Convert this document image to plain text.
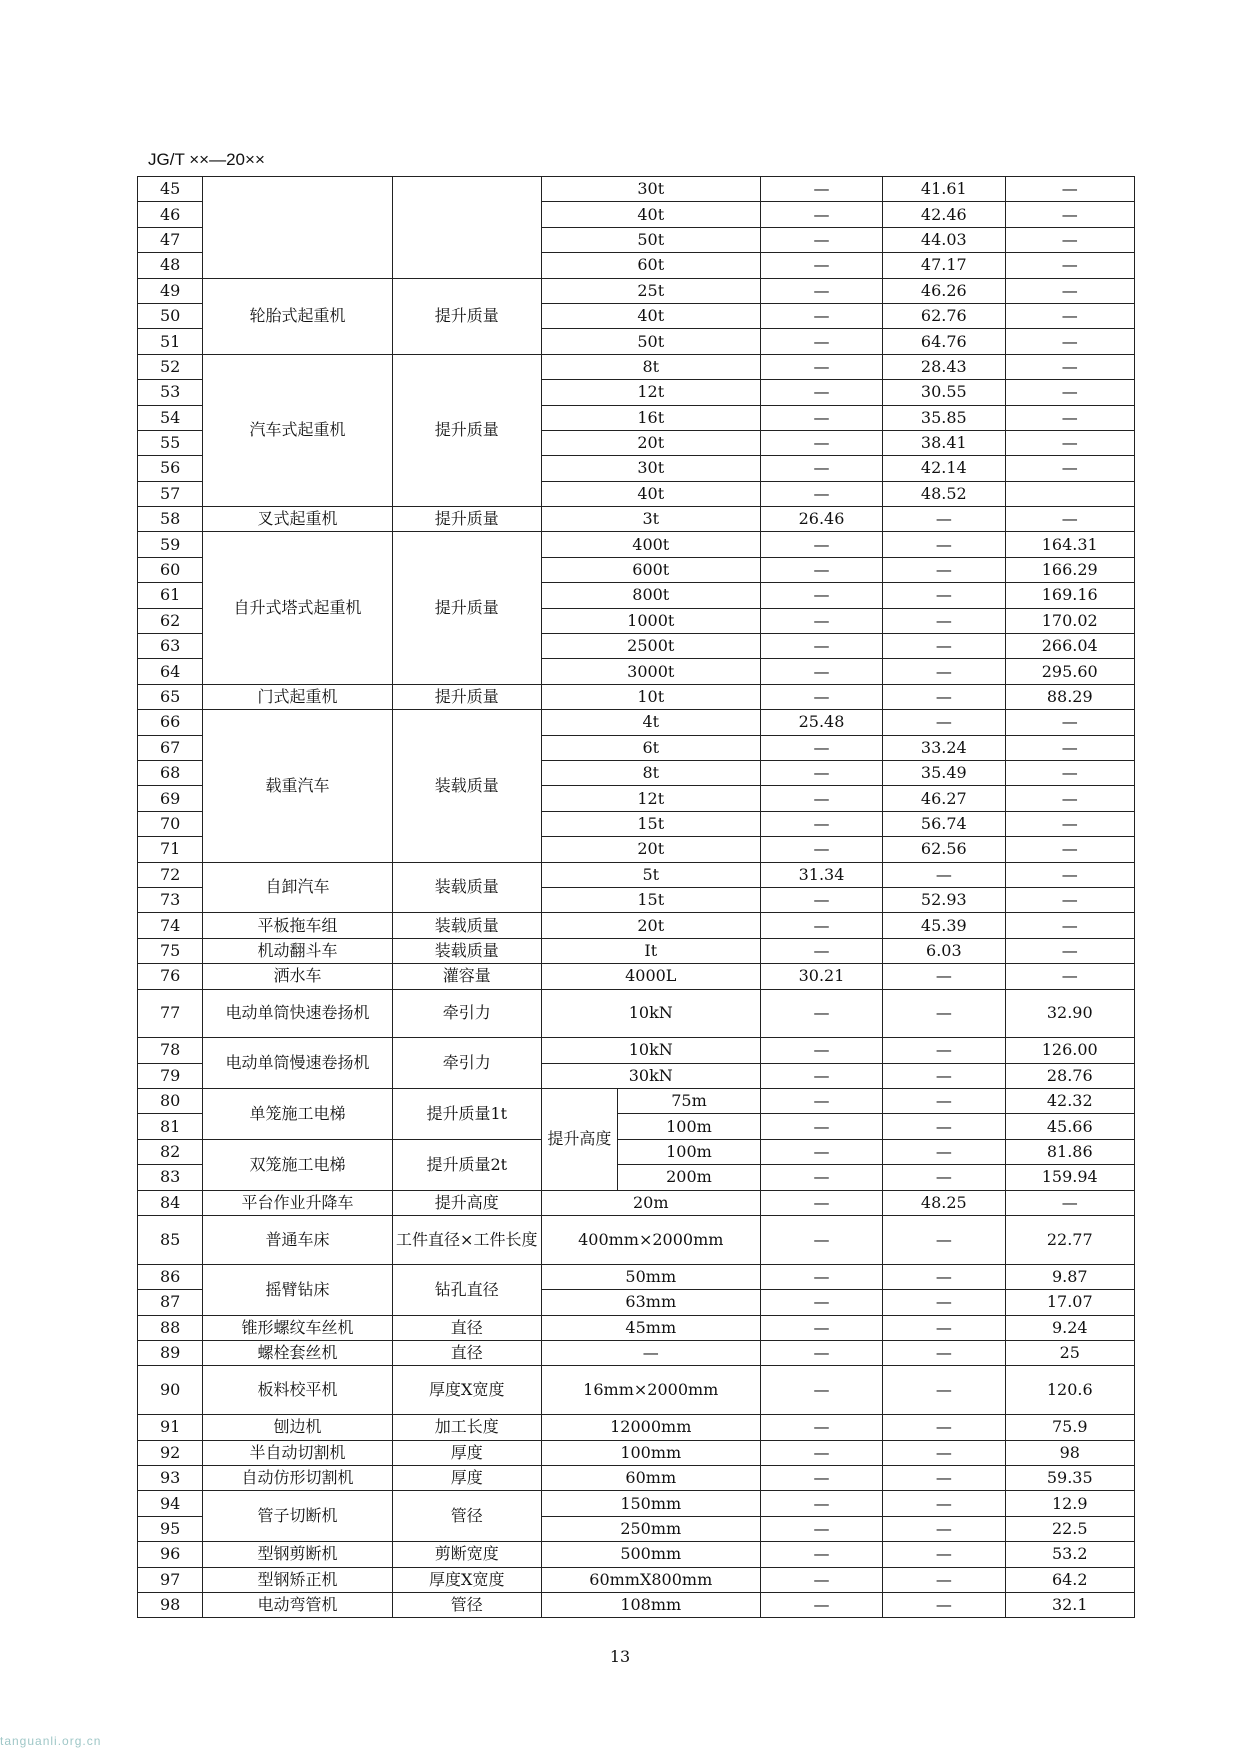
JG/T ××—20××
45			30t		—	41.61	—
46			40t		—	42.46	—
47			50t		—	44.03	—
48			60t		—	47.17	—
49	轮胎式起重机	提升质量	25t		—	46.26	—
50			40t		—	62.76	—
51			50t		—	64.76	—
52	汽车式起重机	提升质量	8t		—	28.43	—
53			12t		—	30.55	—
54			16t		—	35.85	—
55			20t		—	38.41	—
56			30t		—	42.14	—
57			40t		—	48.52	
58	叉式起重机	提升质量	3t		26.46	—	—
59	自升式塔式起重机	提升质量	400t		—	—	164.31
60			600t		—	—	166.29
61			800t		—	—	169.16
62			1000t		—	—	170.02
63			2500t		—	—	266.04
64			3000t		—	—	295.60
65	门式起重机	提升质量	10t		—	—	88.29
66	载重汽车	装载质量	4t		25.48	—	—
67			6t		—	33.24	—
68			8t		—	35.49	—
69			12t		—	46.27	—
70			15t		—	56.74	—
71			20t		—	62.56	—
72	自卸汽车	装载质量	5t		31.34	—	—
73			15t		—	52.93	—
74	平板拖车组	装载质量	20t		—	45.39	—
75	机动翻斗车	装载质量	It		—	6.03	—
76	洒水车	灌容量	4000L		30.21	—	—
77	电动单筒快速卷扬机	牵引力	10kN		—	—	32.90
78	电动单筒慢速卷扬机	牵引力	10kN		—	—	126.00
79			30kN		—	—	28.76
80	单笼施工电梯	提升质量1t	提升高度	75m	—	—	42.32
81				100m	—	—	45.66
82	双笼施工电梯	提升质量2t		100m	—	—	81.86
83				200m	—	—	159.94
84	平台作业升降车	提升高度	20m		—	48.25	—
85	普通车床	工件直径×工件长度	400mm×2000mm		—	—	22.77
86	摇臂钻床	钻孔直径	50mm		—	—	9.87
87			63mm		—	—	17.07
88	锥形螺纹车丝机	直径	45mm		—	—	9.24
89	螺栓套丝机	直径	—		—	—	25
90	板料校平机	厚度X宽度	16mm×2000mm		—	—	120.6
91	刨边机	加工长度	12000mm		—	—	75.9
92	半自动切割机	厚度	100mm		—	—	98
93	自动仿形切割机	厚度	60mm		—	—	59.35
94	管子切断机	管径	150mm		—	—	12.9
95			250mm		—	—	22.5
96	型钢剪断机	剪断宽度	500mm		—	—	53.2
97	型钢矫正机	厚度X宽度	60mmX800mm		—	—	64.2
98	电动弯管机	管径	108mm		—	—	32.1
13
tanguanli.org.cn
